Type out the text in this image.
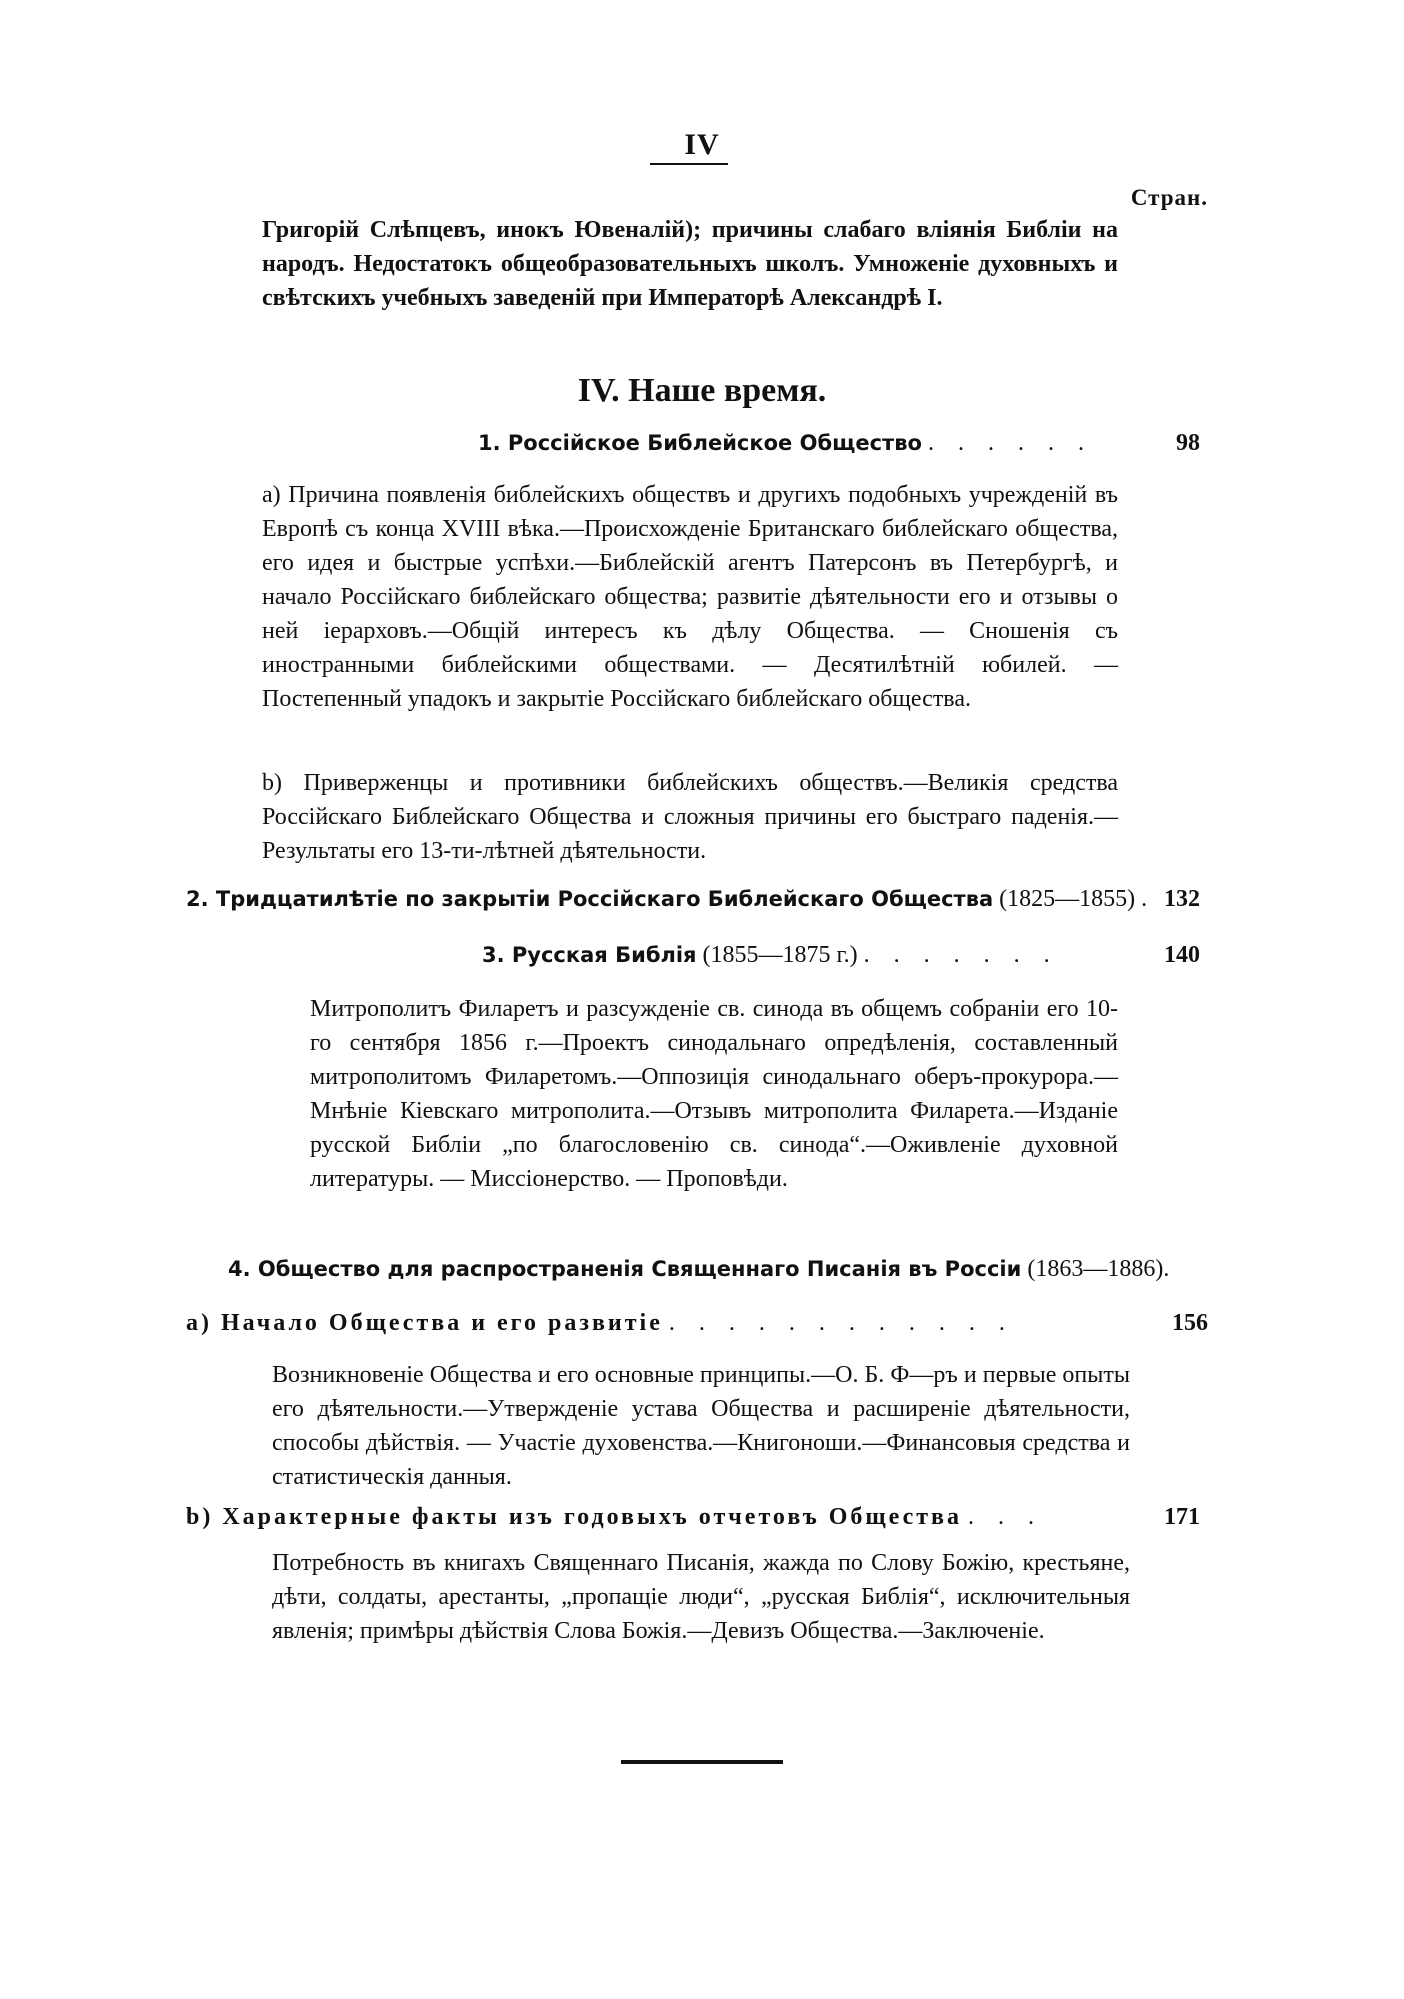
IV
Стран.
Григорій Слѣпцевъ, инокъ Ювеналій); причины слабаго вліянія Библіи на народъ. Недостатокъ общеобразовательныхъ школъ. Умноженіе духовныхъ и свѣтскихъ учебныхъ заведеній при Императорѣ Александрѣ I.
IV. Наше время.
1. Россійское Библейское Общество . . . . . .	98
а) Причина появленія библейскихъ обществъ и другихъ подобныхъ учрежденій въ Европѣ съ конца XVIII вѣка.—Происхожденіе Британскаго библейскаго общества, его идея и быстрые успѣхи.—Библейскій агентъ Патерсонъ въ Петербургѣ, и начало Россійскаго библейскаго общества; развитіе дѣятельности его и отзывы о ней іерарховъ.—Общій интересъ къ дѣлу Общества. — Сношенія съ иностранными библейскими обществами. — Десятилѣтній юбилей. — Постепенный упадокъ и закрытіе Россійскаго библейскаго общества.
b) Приверженцы и противники библейскихъ обществъ.—Великія средства Россійскаго Библейскаго Общества и сложныя причины его быстраго паденія.—Результаты его 13-ти-лѣтней дѣятельности.
2. Тридцатилѣтіе по закрытіи Россійскаго Библейскаго Общества (1825—1855) . 132
3. Русская Библія (1855—1875 г.) . . . . . . .	140
Митрополитъ Филаретъ и разсужденіе св. синода въ общемъ собраніи его 10-го сентября 1856 г.—Проектъ синодальнаго опредѣленія, составленный митрополитомъ Филаретомъ.—Оппозиція синодальнаго оберъ-прокурора.—Мнѣніе Кіевскаго митрополита.—Отзывъ митрополита Филарета.—Изданіе русской Библіи „по благословенію св. синода“.—Оживленіе духовной литературы. — Миссіонерство. — Проповѣди.
4. Общество для распространенія Священнаго Писанія въ Россіи (1863—1886).
а) Начало Общества и его развитіе . . . . . . . . . . . .	156
Возникновеніе Общества и его основные принципы.—О. Б. Ф—ръ и первые опыты его дѣятельности.—Утвержденіе устава Общества и расширеніе дѣятельности, способы дѣйствія. — Участіе духовенства.—Книгоноши.—Финансовыя средства и статистическія данныя.
b) Характерные факты изъ годовыхъ отчетовъ Общества . . .	171
Потребность въ книгахъ Священнаго Писанія, жажда по Слову Божію, крестьяне, дѣти, солдаты, арестанты, „пропащіе люди“, „русская Библія“, исключительныя явленія; примѣры дѣйствія Слова Божія.—Девизъ Общества.—Заключеніе.
